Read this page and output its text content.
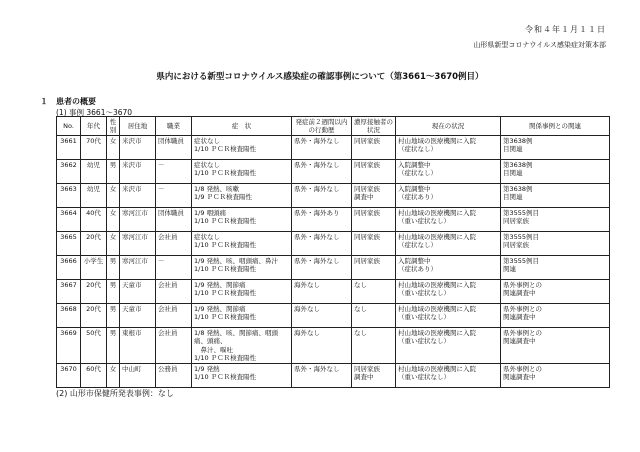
令和４年１月１１日
山形県新型コロナウイルス感染症対策本部
県内における新型コロナウイルス感染症の確認事例について（第3661～3670例目）
１　患者の概要
(1) 事例 3661～3670
No.	年代	性別	居住地	職業	症　状	発症前２週間以内の行動歴	濃厚接触者の状況	現在の状況	関係事例との関連
3661	70代	女	米沢市	団体職員	症状なし
1/10 ＰＣＲ検査陽性	県外・海外なし	同居家族	村山地域の医療機関に入院
（症状なし）	第3638例
目関連
3662	幼児	男	米沢市	－	症状なし
1/10 ＰＣＲ検査陽性	県外・海外なし	同居家族	入院調整中
（症状なし）	第3638例
目関連
3663	幼児	女	米沢市	－	1/8 発熱、咳嗽
1/9 ＰＣＲ検査陽性	県外・海外なし	同居家族
調査中	入院調整中
（症状あり）	第3638例
目関連
3664	40代	女	寒河江市	団体職員	1/9 咽頭痛
1/10 ＰＣＲ検査陽性	県外・海外あり	同居家族	村山地域の医療機関に入院
（重い症状なし）	第3555例目
同居家族
3665	20代	女	寒河江市	会社員	症状なし
1/10 ＰＣＲ検査陽性	県外・海外なし	同居家族	村山地域の医療機関に入院
（症状なし）	第3555例目
同居家族
3666	小学生	男	寒河江市	－	1/9 発熱、咳、咽頭痛、鼻汁
1/10 ＰＣＲ検査陽性	県外・海外なし	同居家族	入院調整中
（症状あり）	第3555例目
関連
3667	20代	男	天童市	会社員	1/9 発熱、関節痛
1/10 ＰＣＲ検査陽性	海外なし	なし	村山地域の医療機関に入院
（重い症状なし）	県外事例との
関連調査中
3668	20代	男	天童市	会社員	1/9 発熱、関節痛
1/10 ＰＣＲ検査陽性	海外なし	なし	村山地域の医療機関に入院
（重い症状なし）	県外事例との
関連調査中
3669	50代	男	東根市	会社員	1/8 発熱、咳、関節痛、咽頭痛、頭痛、
　鼻汁、嘔吐
1/10 ＰＣＲ検査陽性	海外なし	なし	村山地域の医療機関に入院
（重い症状なし）	県外事例との
関連調査中
3670	60代	女	中山町	公務員	1/9 発熱
1/10 ＰＣＲ検査陽性	県外・海外なし	同居家族
調査中	村山地域の医療機関に入院
（重い症状なし）	県外事例との
関連調査中
(2) 山形市保健所発表事例：なし
